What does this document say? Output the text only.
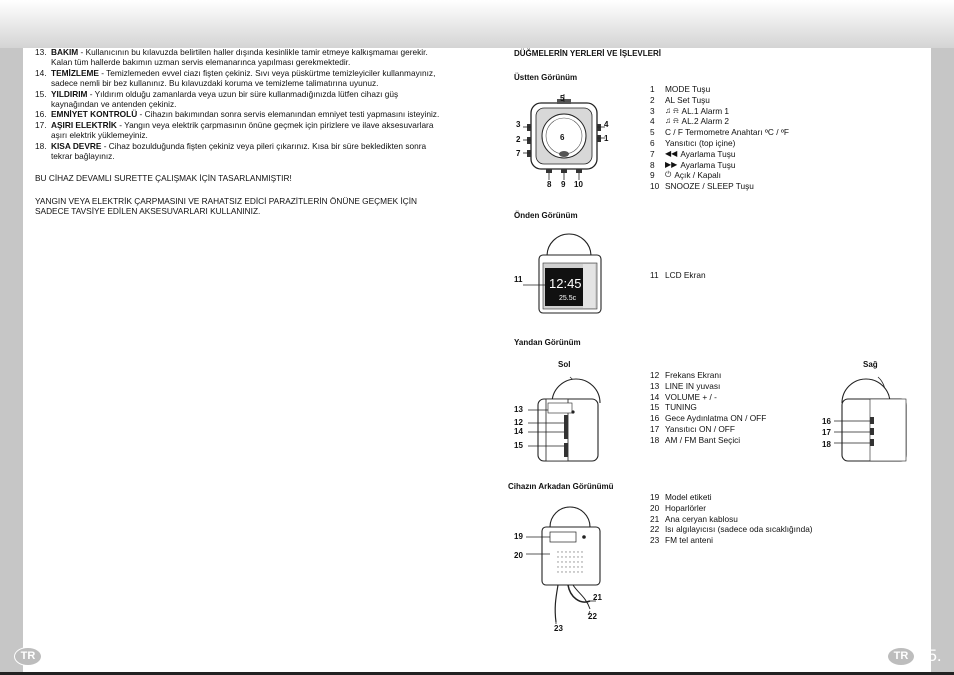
TR 94.	TR 95.
13. BAKIM - Kullanıcının bu kılavuzda belirtilen haller dışında kesinlikle tamir etmeye kalkışmamaı gerekir. Kalan tüm hallerde bakımın uzman servis elemanarınca yapılması gerekmektedir.
14. TEMİZLEME - Temizlemeden evvel ciazı fişten çekiniz. Sıvı veya püskürtme temizleyiciler kullanmayınız, sadece nemli bir bez kullanınız. Bu kılavuzdaki koruma ve temizleme talimatırına uyunuz.
15. YILDIRIM - Yıldırım olduğu zamanlarda veya uzun bir süre kullanmadığınızda lütfen cihazı güş kaynağından ve antenden çekiniz.
16. EMNİYET KONTROLÜ - Cihazın bakımından sonra servis elemanından emniyet testi yapmasını isteyiniz.
17. AŞIRI ELEKTRİK - Yangın veya elektrik çarpmasının önüne geçmek için pirizlere ve ilave aksesuvarlara aşırı elektrik yüklemeyiniz.
18. KISA DEVRE - Cihaz bozulduğunda fişten çekiniz veya pileri çıkarınız. Kısa bir süre bekledikten sonra tekrar bağlayınız.
BU CİHAZ DEVAMLI SURETTE ÇALIŞMAK İÇİN TASARLANMIŞTIR!
YANGIN VEYA ELEKTRİK ÇARPMASINI VE RAHATSIZ EDİCİ PARAZİTLERİN ÖNÜNE GEÇMEK İÇİN SADECE TAVSİYE EDİLEN AKSESUVARLARI KULLANINIZ.
DÜĞMELERİN YERLERİ VE İŞLEVLERİ
Üstten Görünüm
Önden Görünüm
Yandan Görünüm
Cihazın Arkadan Görünümü
1	MODE Tuşu
2	AL Set Tuşu
3	♫ ⍾ AL.1 Alarm 1
4	♫ ⍾ AL.2 Alarm 2
5	C / F Termometre Anahtarı ºC / ºF
6	Yansıtıcı (top içine)
7	◀◀ Ayarlama Tuşu
8	▶▶ Ayarlama Tuşu
9	⏻ Açık / Kapalı
10 SNOOZE / SLEEP Tuşu
11 LCD Ekran
12 Frekans Ekranı
13 LINE IN yuvası
14 VOLUME + / -
15 TUNING
16 Gece Aydınlatma ON / OFF
17 Yansıtıcı ON / OFF
18 AM / FM Bant Seçici
19 Model etiketi
20 Hoparlörler
21 Ana ceryan kablosu
22 Isı algılayıcısı (sadece oda sıcaklığında)
23 FM tel anteni
5
6
3
2
7
4
1
8 9 10
12:45
25.5c
11
Sol
13
12
14
15
Sağ
16
17
18
19
20
21
22
23
